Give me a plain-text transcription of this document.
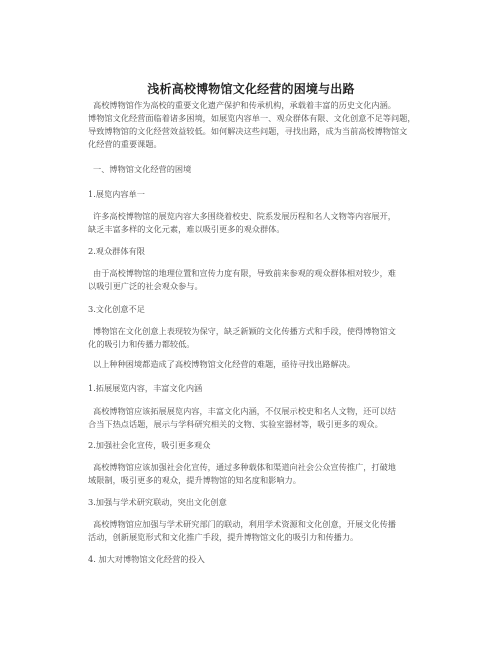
浅析高校博物馆文化经营的困境与出路
高校博物馆作为高校的重要文化遗产保护和传承机构，承载着丰富的历史文化内涵。
博物馆文化经营面临着诸多困境，如展览内容单一、观众群体有限、文化创意不足等问题，
导致博物馆的文化经营效益较低。如何解决这些问题，寻找出路，成为当前高校博物馆文
化经营的重要课题。
一、博物馆文化经营的困境
1.展览内容单一
许多高校博物馆的展览内容大多围绕着校史、院系发展历程和名人文物等内容展开，
缺乏丰富多样的文化元素，难以吸引更多的观众群体。
2.观众群体有限
由于高校博物馆的地理位置和宣传力度有限，导致前来参观的观众群体相对较少，难
以吸引更广泛的社会观众参与。
3.文化创意不足
博物馆在文化创意上表现较为保守，缺乏新颖的文化传播方式和手段，使得博物馆文
化的吸引力和传播力都较低。
以上种种困境都造成了高校博物馆文化经营的难题，亟待寻找出路解决。
1.拓展展览内容，丰富文化内涵
高校博物馆应该拓展展览内容，丰富文化内涵，不仅展示校史和名人文物，还可以结
合当下热点话题，展示与学科研究相关的文物、实验室器材等，吸引更多的观众。
2.加强社会化宣传，吸引更多观众
高校博物馆应该加强社会化宣传，通过多种载体和渠道向社会公众宣传推广，打破地
域限制，吸引更多的观众，提升博物馆的知名度和影响力。
3.加强与学术研究联动，突出文化创意
高校博物馆应加强与学术研究部门的联动，利用学术资源和文化创意，开展文化传播
活动，创新展览形式和文化推广手段，提升博物馆文化的吸引力和传播力。
4. 加大对博物馆文化经营的投入
